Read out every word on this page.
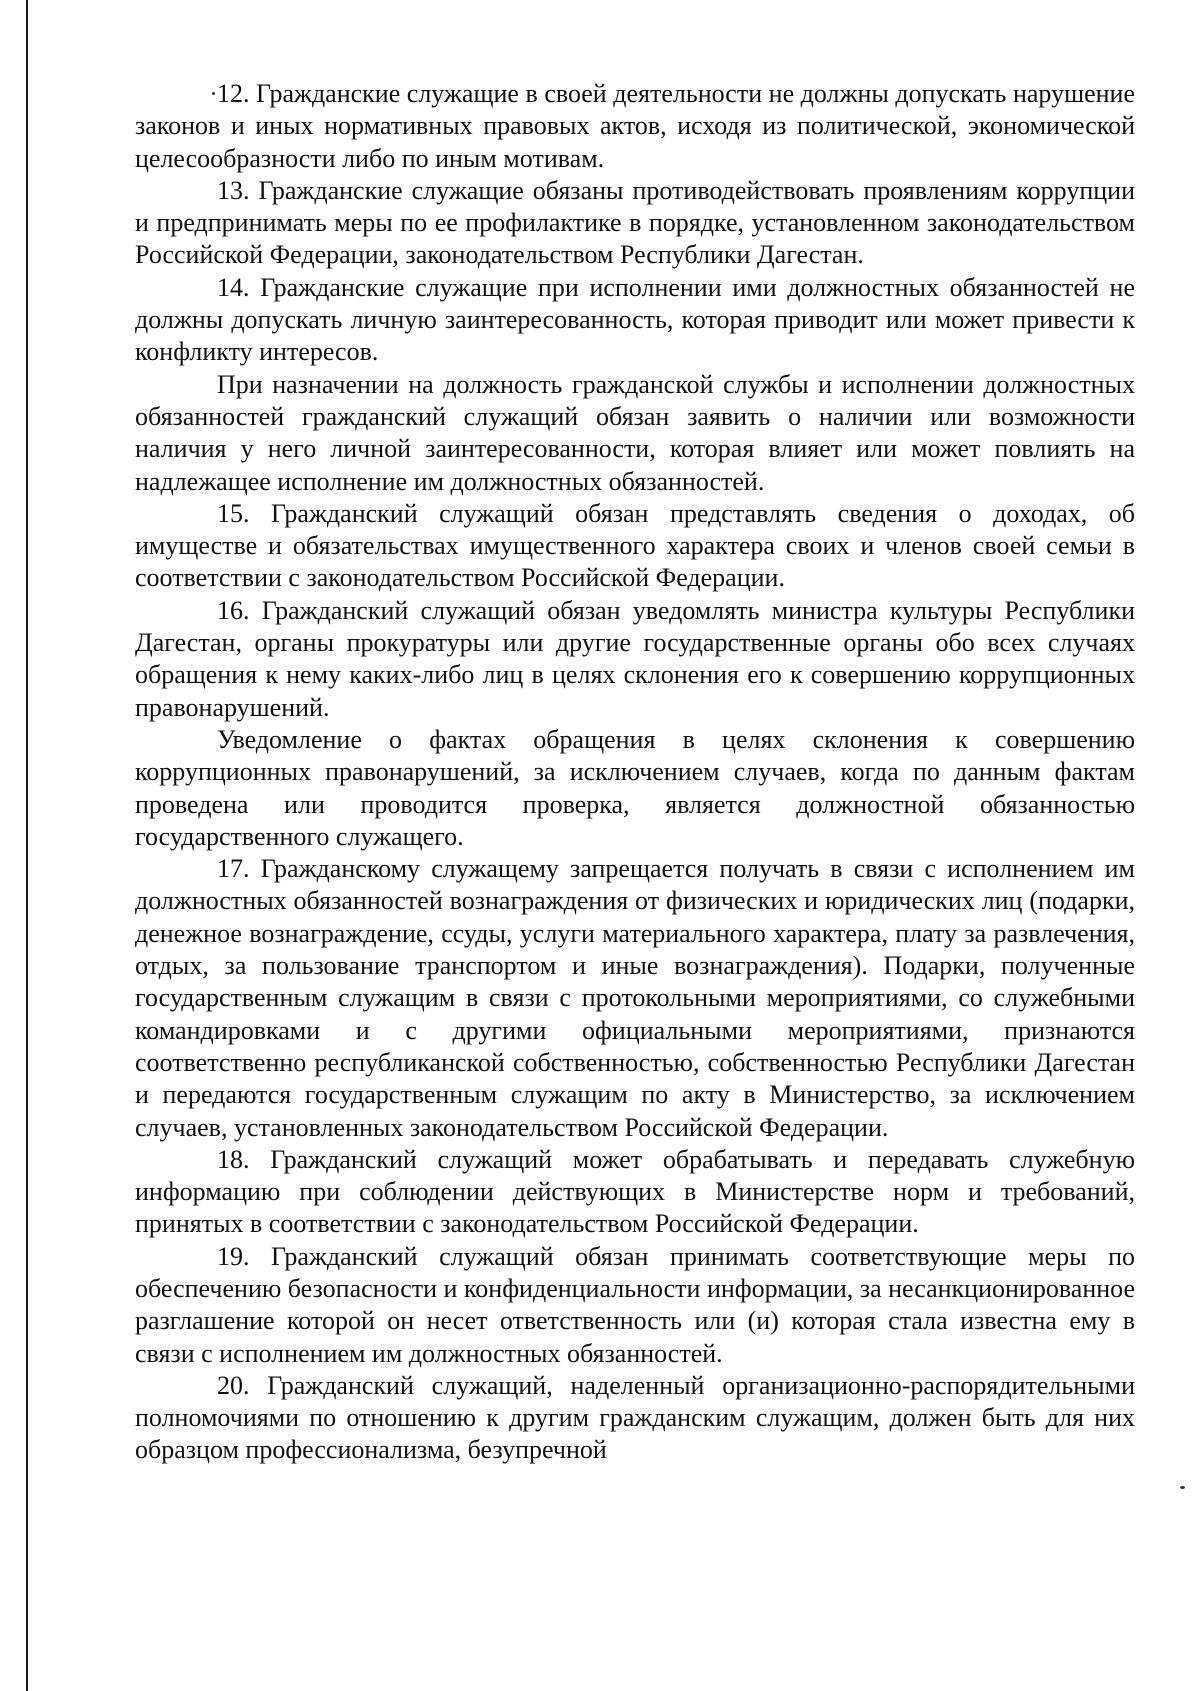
12. Гражданские служащие в своей деятельности не должны допускать нарушение законов и иных нормативных правовых актов, исходя из политической, экономической целесообразности либо по иным мотивам.

13. Гражданские служащие обязаны противодействовать проявлениям коррупции и предпринимать меры по ее профилактике в порядке, установленном законодательством Российской Федерации, законодательством Республики Дагестан.

14. Гражданские служащие при исполнении ими должностных обязанностей не должны допускать личную заинтересованность, которая приводит или может привести к конфликту интересов.

При назначении на должность гражданской службы и исполнении должностных обязанностей гражданский служащий обязан заявить о наличии или возможности наличия у него личной заинтересованности, которая влияет или может повлиять на надлежащее исполнение им должностных обязанностей.

15. Гражданский служащий обязан представлять сведения о доходах, об имуществе и обязательствах имущественного характера своих и членов своей семьи в соответствии с законодательством Российской Федерации.

16. Гражданский служащий обязан уведомлять министра культуры Республики Дагестан, органы прокуратуры или другие государственные органы обо всех случаях обращения к нему каких-либо лиц в целях склонения его к совершению коррупционных правонарушений.

Уведомление о фактах обращения в целях склонения к совершению коррупционных правонарушений, за исключением случаев, когда по данным фактам проведена или проводится проверка, является должностной обязанностью государственного служащего.

17. Гражданскому служащему запрещается получать в связи с исполнением им должностных обязанностей вознаграждения от физических и юридических лиц (подарки, денежное вознаграждение, ссуды, услуги материального характера, плату за развлечения, отдых, за пользование транспортом и иные вознаграждения). Подарки, полученные государственным служащим в связи с протокольными мероприятиями, со служебными командировками и с другими официальными мероприятиями, признаются соответственно республиканской собственностью, собственностью Республики Дагестан и передаются государственным служащим по акту в Министерство, за исключением случаев, установленных законодательством Российской Федерации.

18. Гражданский служащий может обрабатывать и передавать служебную информацию при соблюдении действующих в Министерстве норм и требований, принятых в соответствии с законодательством Российской Федерации.

19. Гражданский служащий обязан принимать соответствующие меры по обеспечению безопасности и конфиденциальности информации, за несанкционированное разглашение которой он несет ответственность или (и) которая стала известна ему в связи с исполнением им должностных обязанностей.

20. Гражданский служащий, наделенный организационно-распорядительными полномочиями по отношению к другим гражданским служащим, должен быть для них образцом профессионализма, безупречной
